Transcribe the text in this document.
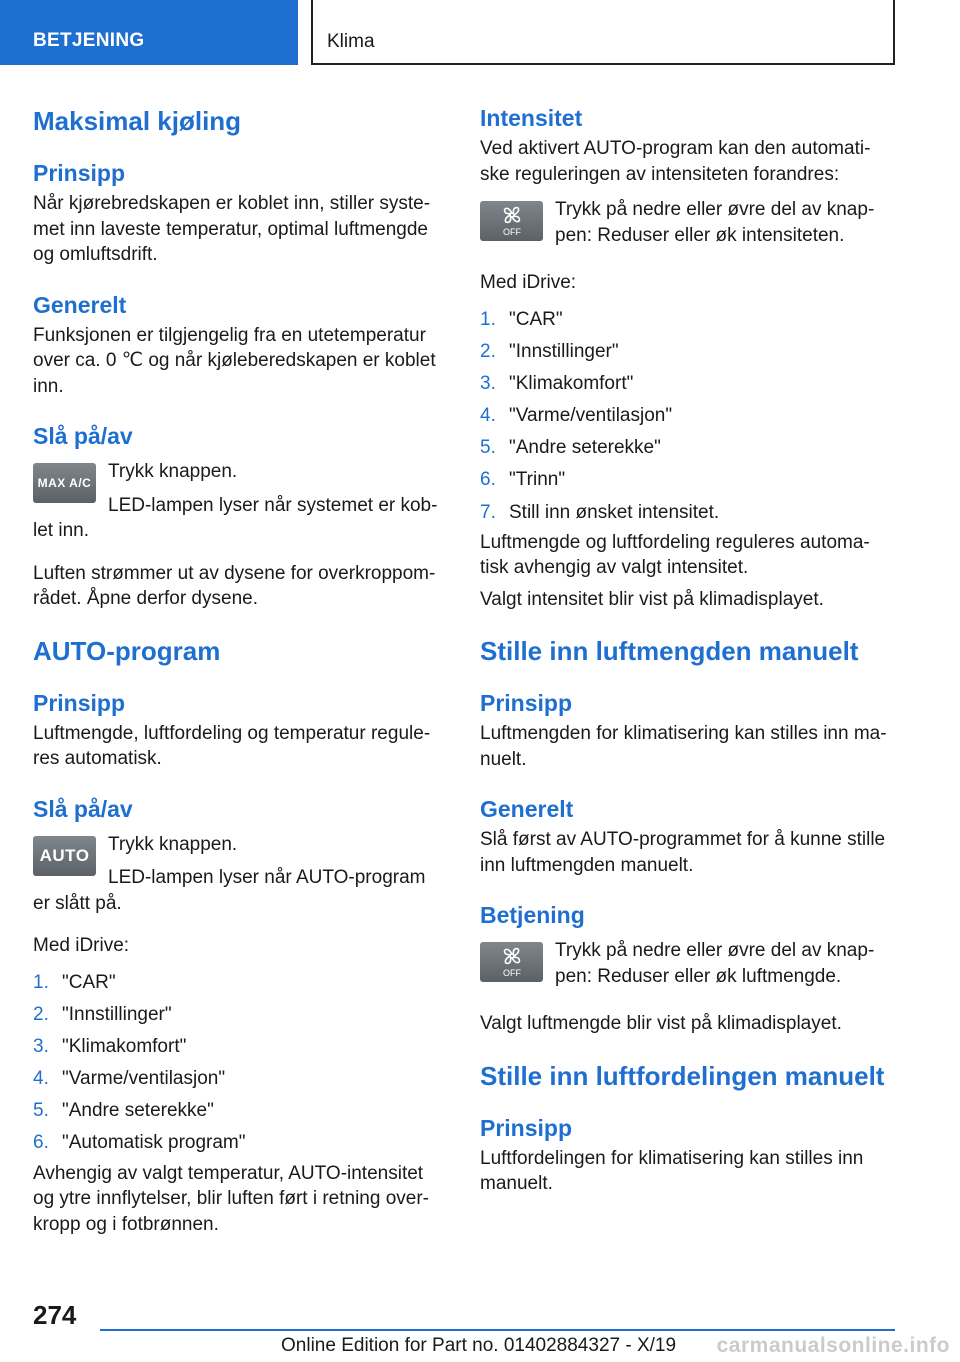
BETJENING	Klima
Maksimal kjøling
Prinsipp

Når kjørebredskapen er koblet inn, stiller systemet inn laveste temperatur, optimal luftmengde og omluftsdrift.

Generelt

Funksjonen er tilgjengelig fra en utetemperatur over ca. 0 ℃ og når kjøleberedskapen er koblet inn.

Slå på/av
MAX A/C

Trykk knappen.

LED-lampen lyser når systemet er koblet inn.

Luften strømmer ut av dysene for overkroppområdet. Åpne derfor dysene.

AUTO-program
Prinsipp

Luftmengde, luftfordeling og temperatur reguleres automatisk.

Slå på/av
AUTO

Trykk knappen.

LED-lampen lyser når AUTO-program er slått på.

Med iDrive:

1. "CAR"
2. "Innstillinger"
3. "Klimakomfort"
4. "Varme/ventilasjon"
5. "Andre seterekke"
6. "Automatisk program"

Avhengig av valgt temperatur, AUTO-intensitet og ytre innflytelser, blir luften ført i retning overkropp og i fotbrønnen.

Intensitet

Ved aktivert AUTO-program kan den automatiske reguleringen av intensiteten forandres:

OFF

Trykk på nedre eller øvre del av knappen: Reduser eller øk intensiteten.

Med iDrive:

1. "CAR"
2. "Innstillinger"
3. "Klimakomfort"
4. "Varme/ventilasjon"
5. "Andre seterekke"
6. "Trinn"
7. Still inn ønsket intensitet.

Luftmengde og luftfordeling reguleres automatisk avhengig av valgt intensitet.

Valgt intensitet blir vist på klimadisplayet.

Stille inn luftmengden manuelt
Prinsipp

Luftmengden for klimatisering kan stilles inn manuelt.

Generelt

Slå først av AUTO-programmet for å kunne stille inn luftmengden manuelt.

Betjening
OFF

Trykk på nedre eller øvre del av knappen: Reduser eller øk luftmengde.

Valgt luftmengde blir vist på klimadisplayet.

Stille inn luftfordelingen manuelt
Prinsipp

Luftfordelingen for klimatisering kan stilles inn manuelt.

274
Online Edition for Part no. 01402884327 - X/19 carmanualsonline.info
